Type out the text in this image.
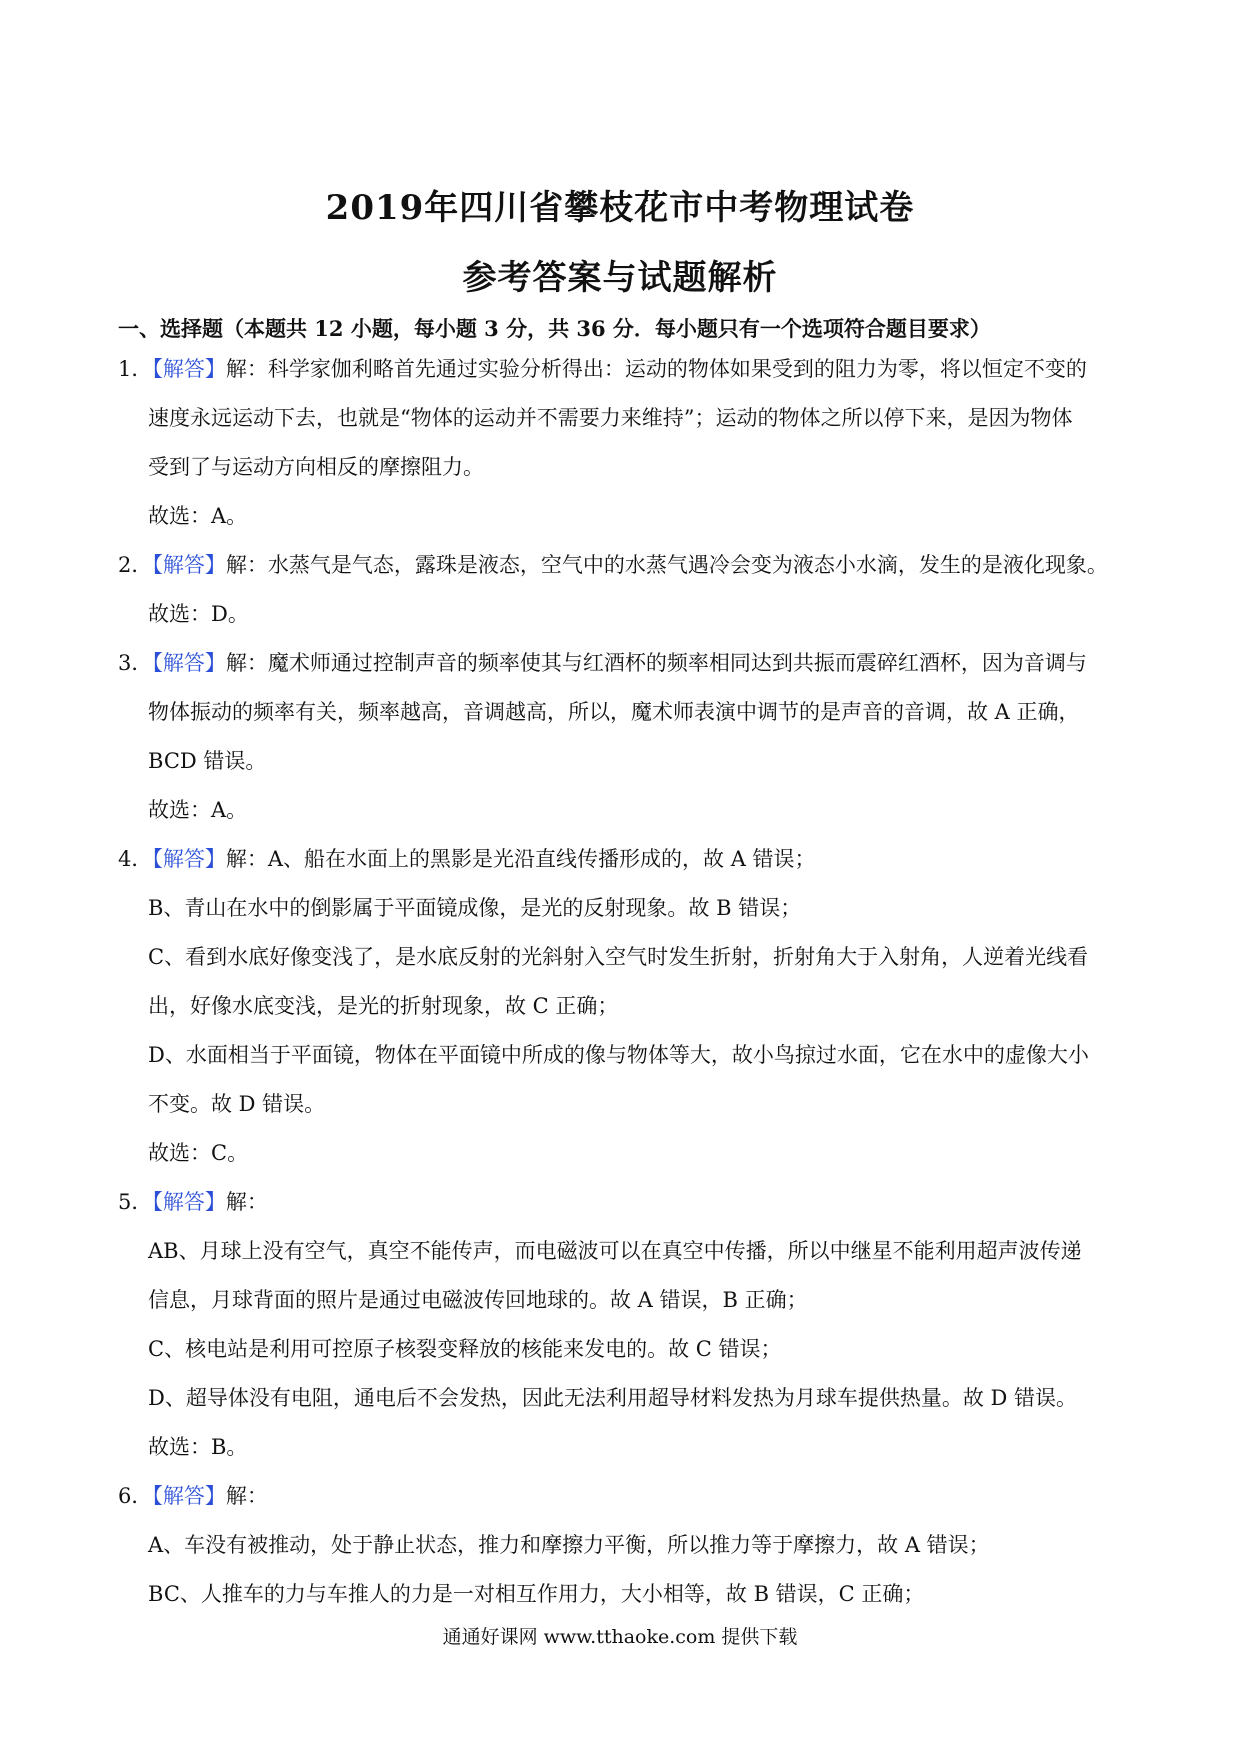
2019年四川省攀枝花市中考物理试卷
参考答案与试题解析
一、选择题（本题共 12 小题，每小题 3 分，共 36 分．每小题只有一个选项符合题目要求）
1．【解答】解：科学家伽利略首先通过实验分析得出：运动的物体如果受到的阻力为零，将以恒定不变的
速度永远运动下去，也就是“物体的运动并不需要力来维持”；运动的物体之所以停下来，是因为物体
受到了与运动方向相反的摩擦阻力。
故选：A。
2．【解答】解：水蒸气是气态，露珠是液态，空气中的水蒸气遇冷会变为液态小水滴，发生的是液化现象。
故选：D。
3．【解答】解：魔术师通过控制声音的频率使其与红酒杯的频率相同达到共振而震碎红酒杯，因为音调与
物体振动的频率有关，频率越高，音调越高，所以，魔术师表演中调节的是声音的音调，故 A 正确，
BCD 错误。
故选：A。
4．【解答】解：A、船在水面上的黑影是光沿直线传播形成的，故 A 错误；
B、青山在水中的倒影属于平面镜成像，是光的反射现象。故 B 错误；
C、看到水底好像变浅了，是水底反射的光斜射入空气时发生折射，折射角大于入射角，人逆着光线看
出，好像水底变浅，是光的折射现象，故 C 正确；
D、水面相当于平面镜，物体在平面镜中所成的像与物体等大，故小鸟掠过水面，它在水中的虚像大小
不变。故 D 错误。
故选：C。
5．【解答】解：
AB、月球上没有空气，真空不能传声，而电磁波可以在真空中传播，所以中继星不能利用超声波传递
信息，月球背面的照片是通过电磁波传回地球的。故 A 错误，B 正确；
C、核电站是利用可控原子核裂变释放的核能来发电的。故 C 错误；
D、超导体没有电阻，通电后不会发热，因此无法利用超导材料发热为月球车提供热量。故 D 错误。
故选：B。
6．【解答】解：
A、车没有被推动，处于静止状态，推力和摩擦力平衡，所以推力等于摩擦力，故 A 错误；
BC、人推车的力与车推人的力是一对相互作用力，大小相等，故 B 错误，C 正确；
通通好课网 www.tthaoke.com 提供下载
